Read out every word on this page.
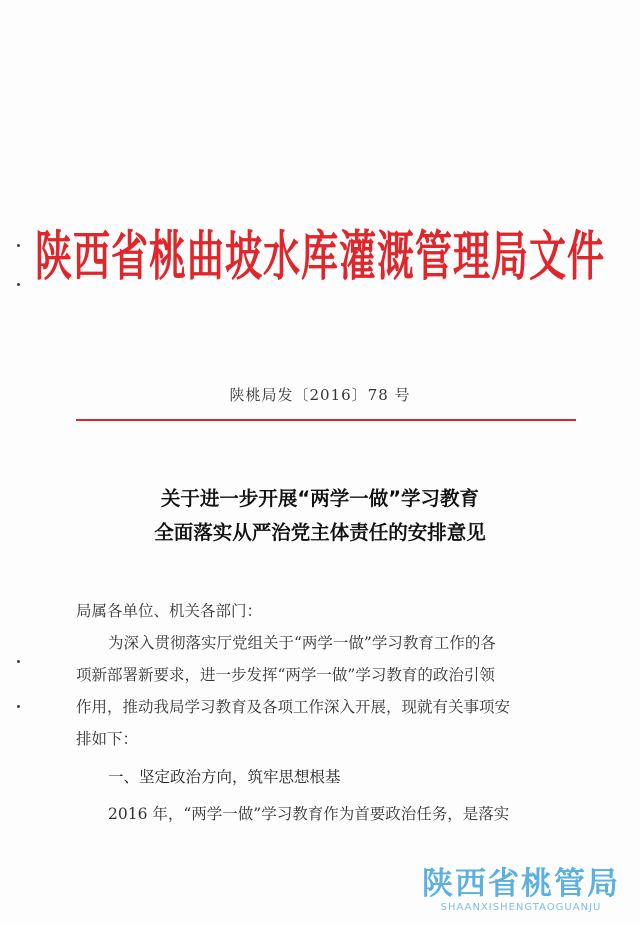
陕西省桃曲坡水库灌溉管理局文件
陕桃局发〔2016〕78 号
关于进一步开展“两学一做”学习教育
全面落实从严治党主体责任的安排意见
局属各单位、机关各部门：
为深入贯彻落实厅党组关于“两学一做”学习教育工作的各
项新部署新要求，进一步发挥“两学一做”学习教育的政治引领
作用，推动我局学习教育及各项工作深入开展，现就有关事项安
排如下：
一、坚定政治方向，筑牢思想根基
2016 年，“两学一做”学习教育作为首要政治任务，是落实
陕西省桃管局
SHAANXISHENGTAOGUANJU
